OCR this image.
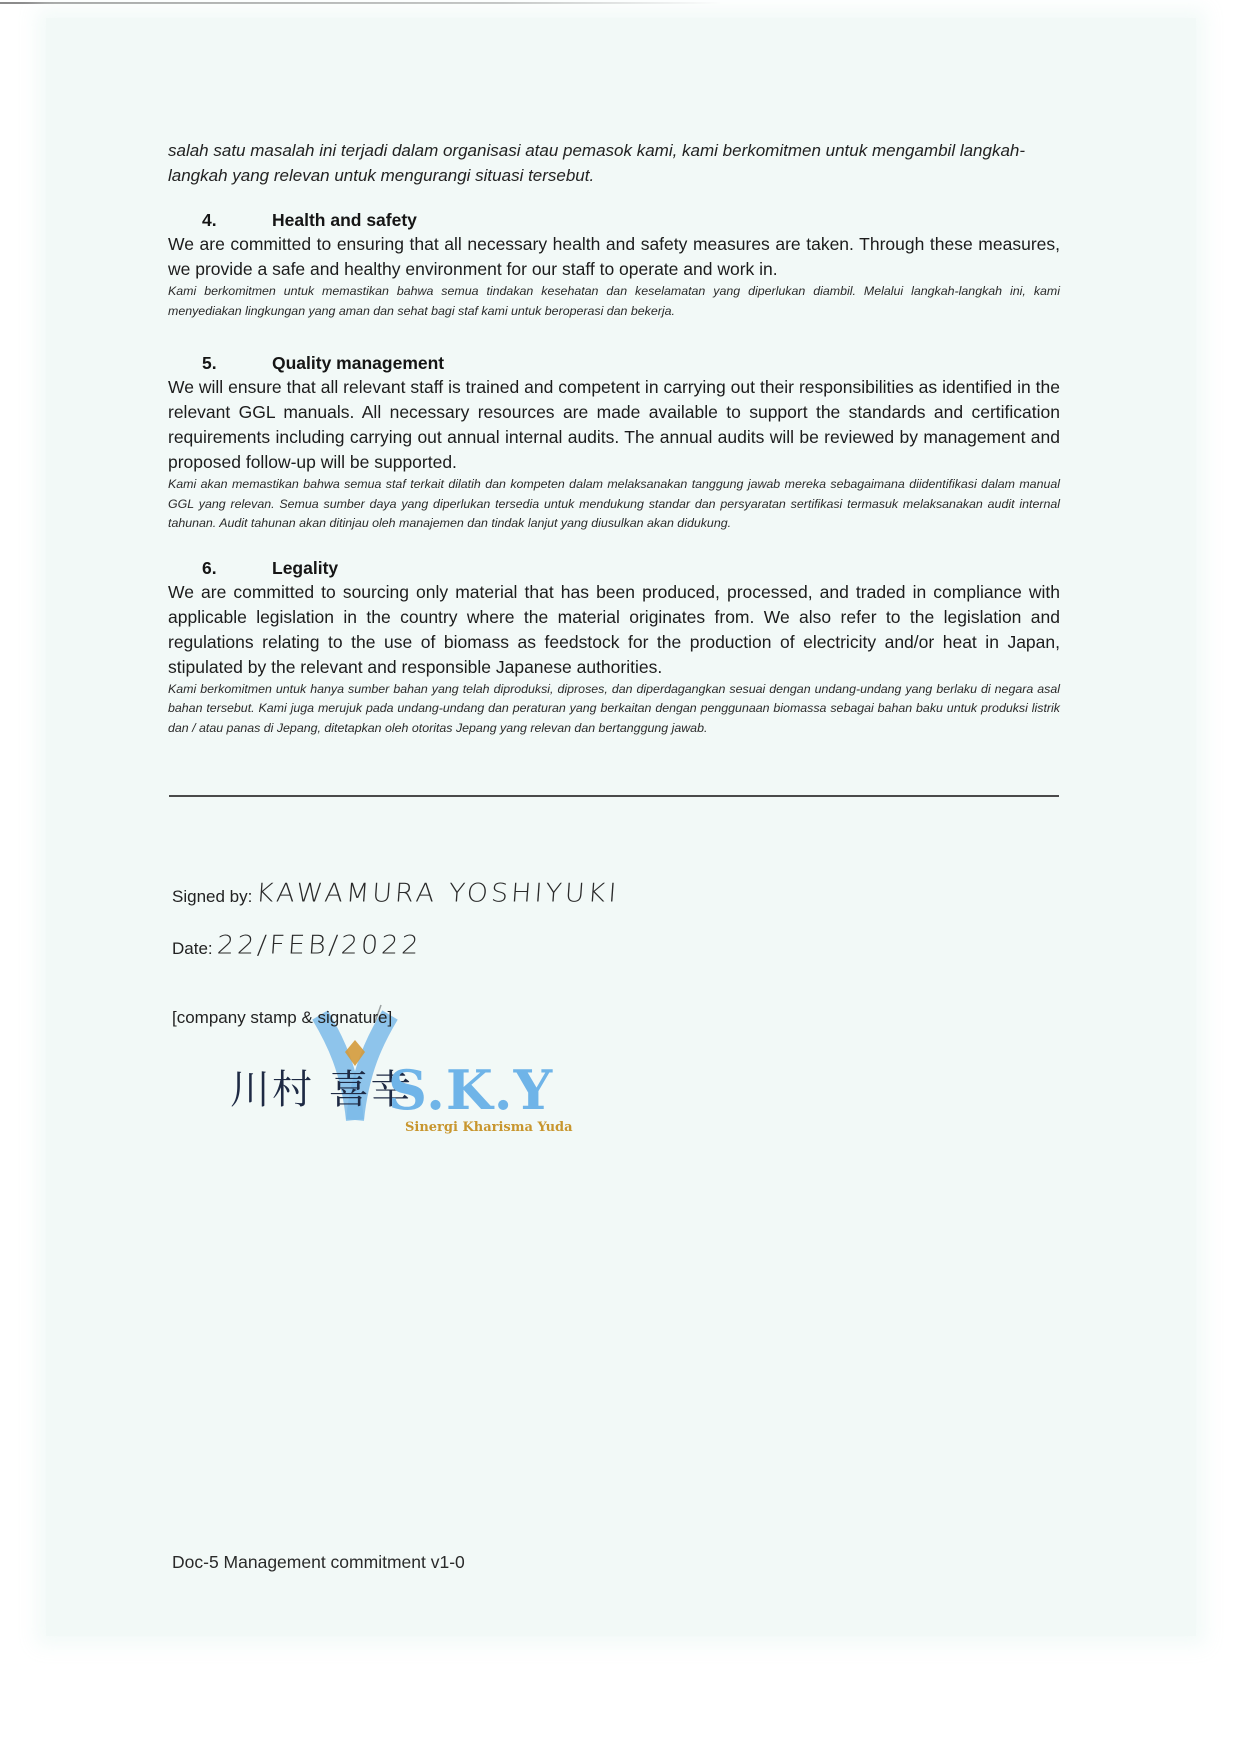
salah satu masalah ini terjadi dalam organisasi atau pemasok kami, kami berkomitmen untuk mengambil langkah-langkah yang relevan untuk mengurangi situasi tersebut.

4.	Health and safety

We are committed to ensuring that all necessary health and safety measures are taken. Through these measures, we provide a safe and healthy environment for our staff to operate and work in.

Kami berkomitmen untuk memastikan bahwa semua tindakan kesehatan dan keselamatan yang diperlukan diambil. Melalui langkah-langkah ini, kami menyediakan lingkungan yang aman dan sehat bagi staf kami untuk beroperasi dan bekerja.

5.	Quality management

We will ensure that all relevant staff is trained and competent in carrying out their responsibilities as identified in the relevant GGL manuals. All necessary resources are made available to support the standards and certification requirements including carrying out annual internal audits. The annual audits will be reviewed by management and proposed follow-up will be supported.

Kami akan memastikan bahwa semua staf terkait dilatih dan kompeten dalam melaksanakan tanggung jawab mereka sebagaimana diidentifikasi dalam manual GGL yang relevan. Semua sumber daya yang diperlukan tersedia untuk mendukung standar dan persyaratan sertifikasi termasuk melaksanakan audit internal tahunan. Audit tahunan akan ditinjau oleh manajemen dan tindak lanjut yang diusulkan akan didukung.

6.	Legality

We are committed to sourcing only material that has been produced, processed, and traded in compliance with applicable legislation in the country where the material originates from. We also refer to the legislation and regulations relating to the use of biomass as feedstock for the production of electricity and/or heat in Japan, stipulated by the relevant and responsible Japanese authorities.

Kami berkomitmen untuk hanya sumber bahan yang telah diproduksi, diproses, dan diperdagangkan sesuai dengan undang-undang yang berlaku di negara asal bahan tersebut. Kami juga merujuk pada undang-undang dan peraturan yang berkaitan dengan penggunaan biomassa sebagai bahan baku untuk produksi listrik dan / atau panas di Jepang, ditetapkan oleh otoritas Jepang yang relevan dan bertanggung jawab.

Signed by: KAWAMURA YOSHIYUKI
Date: 22/FEB/2022
[company stamp & signature]
川村 喜幸
S.K.Y
Sinergi Kharisma Yuda
Doc-5 Management commitment v1-0
